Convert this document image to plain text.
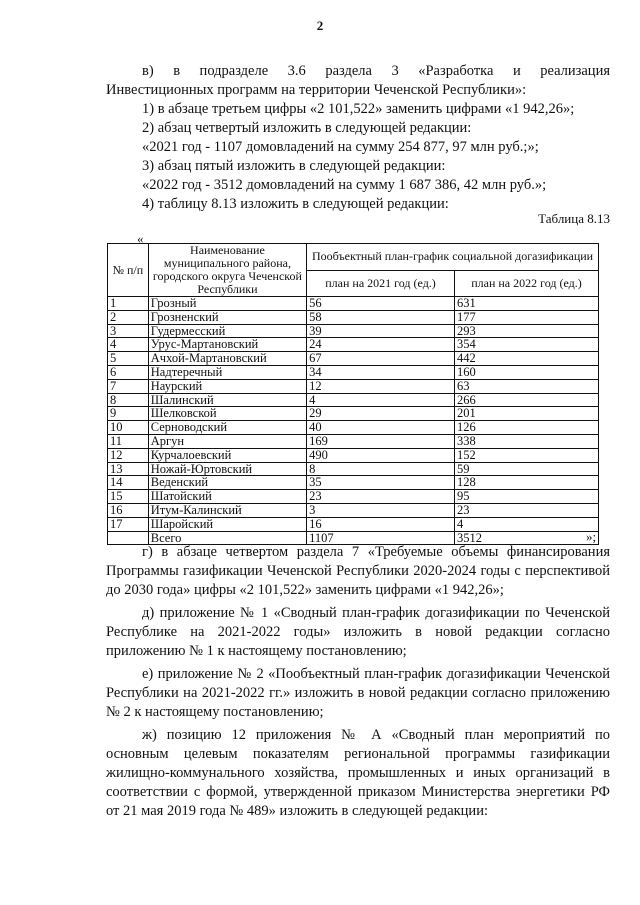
2

в) в подразделе 3.6 раздела 3 «Разработка и реализация

Инвестиционных программ на территории Чеченской Республики»:

1) в абзаце третьем цифры «2 101,522» заменить цифрами «1 942,26»;

2) абзац четвертый изложить в следующей редакции:

«2021 год - 1107 домовладений на сумму 254 877, 97 млн руб.;»;

3) абзац пятый изложить в следующей редакции:

«2022 год - 3512 домовладений на сумму 1 687 386, 42 млн руб.»;

4) таблицу 8.13 изложить в следующей редакции:

Таблица 8.13
«
№ п/п	Наименование муниципального района, городского округа Чеченской Республики	Пообъектный план-график социальной догазификации	
		план на 2021 год (ед.)	план на 2022 год (ед.)
1	Грозный	56	631
2	Грозненский	58	177
3	Гудермесский	39	293
4	Урус-Мартановский	24	354
5	Ачхой-Мартановский	67	442
6	Надтеречный	34	160
7	Наурский	12	63
8	Шалинский	4	266
9	Шелковской	29	201
10	Серноводский	40	126
11	Аргун	169	338
12	Курчалоевский	490	152
13	Ножай-Юртовский	8	59
14	Веденский	35	128
15	Шатойский	23	95
16	Итум-Калинский	3	23
17	Шаройский	16	4
	Всего	1107	3512	»;

г) в абзаце четвертом раздела 7 «Требуемые объемы финансирования Программы газификации Чеченской Республики 2020-2024 годы с перспективой до 2030 года» цифры «2 101,522» заменить цифрами «1 942,26»;

д) приложение № 1 «Сводный план-график догазификации по Чеченской Республике на 2021-2022 годы» изложить в новой редакции согласно приложению № 1 к настоящему постановлению;

е) приложение № 2 «Пообъектный план-график догазификации Чеченской Республики на 2021-2022 гг.» изложить в новой редакции согласно приложению № 2 к настоящему постановлению;

ж) позицию 12 приложения № А «Сводный план мероприятий по основным целевым показателям региональной программы газификации жилищно-коммунального хозяйства, промышленных и иных организаций в соответствии с формой, утвержденной приказом Министерства энергетики РФ от 21 мая 2019 года № 489» изложить в следующей редакции:
